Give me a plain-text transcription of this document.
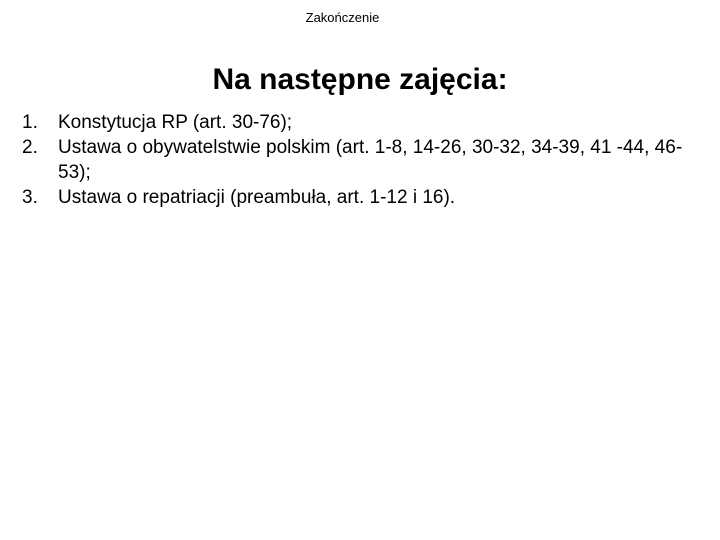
Zakończenie
Na następne zajęcia:
1.	Konstytucja RP (art. 30-76);
2.	Ustawa o obywatelstwie polskim (art. 1-8, 14-26, 30-32, 34-39, 41 -44, 46-53);
3.	Ustawa o repatriacji (preambuła, art. 1-12 i 16).
